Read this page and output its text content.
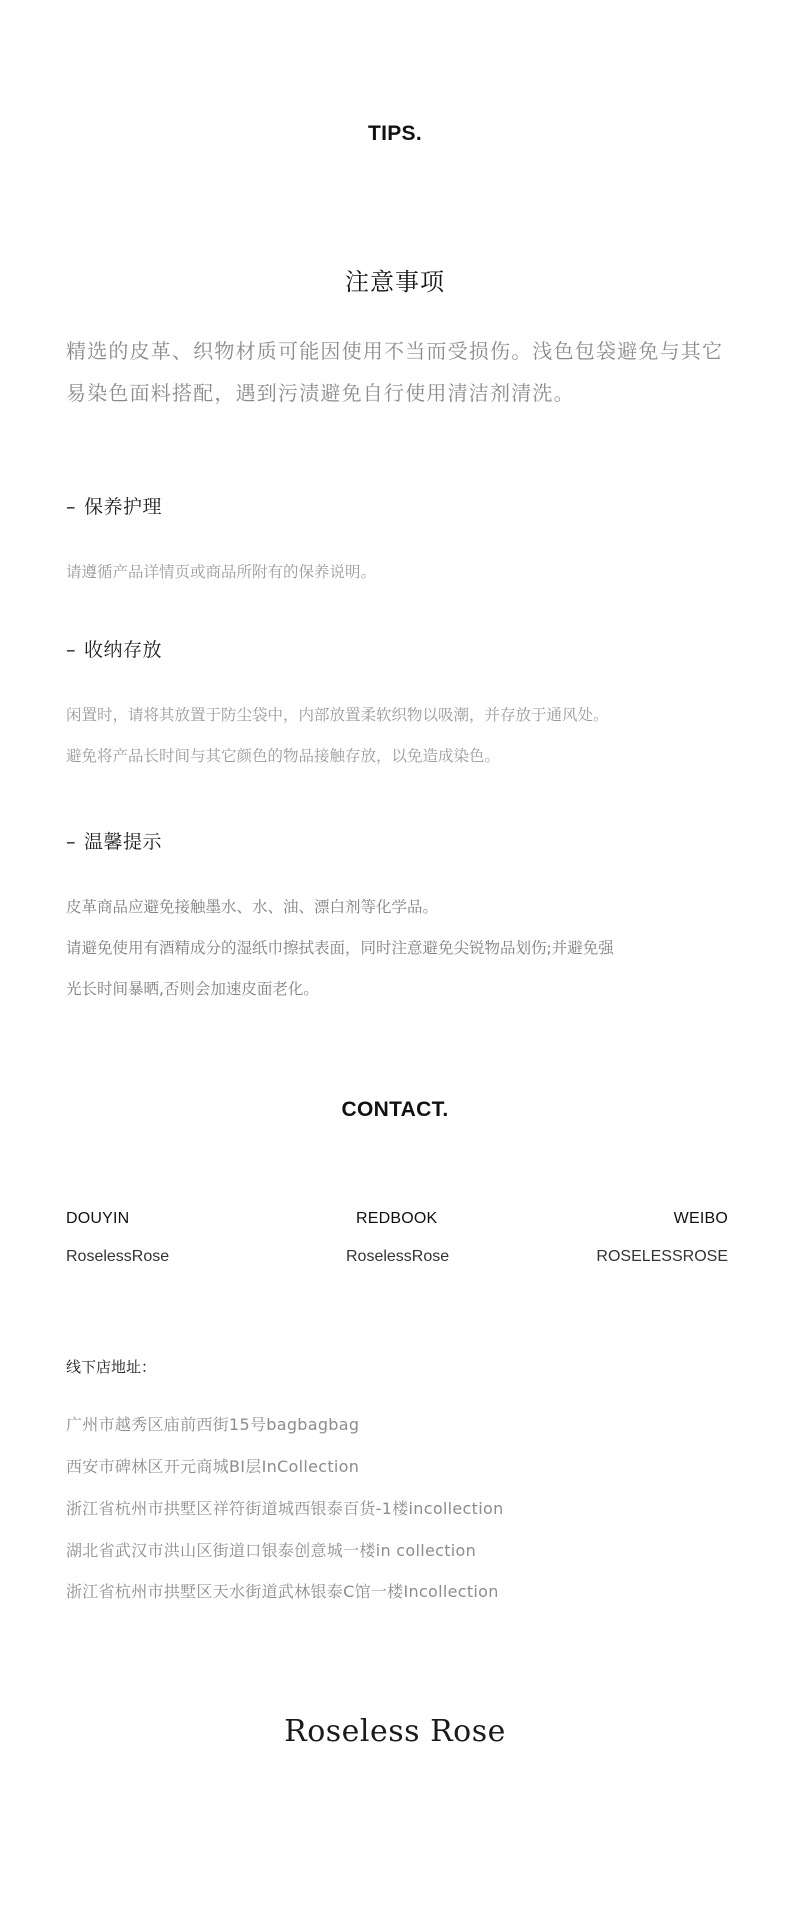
TIPS.
注意事项
精选的皮革、织物材质可能因使用不当而受损伤。浅色包袋避免与其它
易染色面料搭配，遇到污渍避免自行使用清洁剂清洗。
– 保养护理
请遵循产品详情页或商品所附有的保养说明。
– 收纳存放
闲置时，请将其放置于防尘袋中，内部放置柔软织物以吸潮，并存放于通风处。
避免将产品长时间与其它颜色的物品接触存放，以免造成染色。
– 温馨提示
皮革商品应避免接触墨水、水、油、漂白剂等化学品。
请避免使用有酒精成分的湿纸巾擦拭表面，同时注意避免尖锐物品划伤;并避免强
光长时间暴晒,否则会加速皮面老化。
CONTACT.
DOUYIN
RoselessRose
REDBOOK
RoselessRose
WEIBO
ROSELESSROSE
线下店地址：
广州市越秀区庙前西街15号bagbagbag
西安市碑林区开元商城BI层InCollection
浙江省杭州市拱墅区祥符街道城西银泰百货-1楼incollection
湖北省武汉市洪山区街道口银泰创意城一楼in collection
浙江省杭州市拱墅区天水街道武林银泰C馆一楼Incollection
Roseless Rose
